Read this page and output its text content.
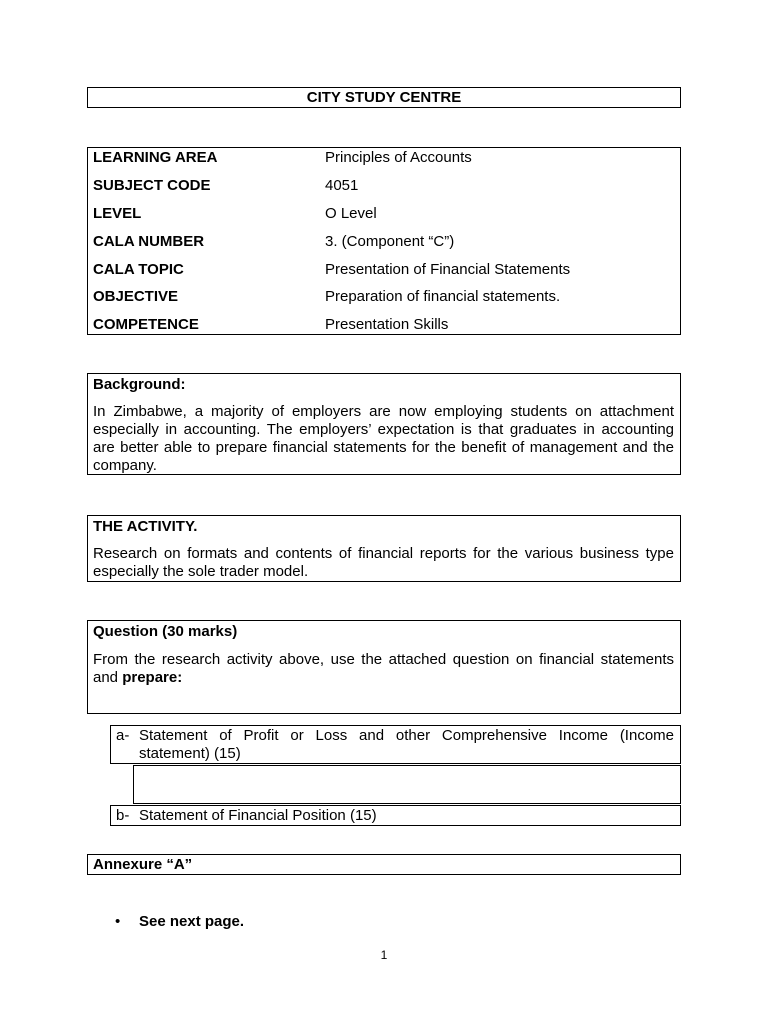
CITY STUDY CENTRE
LEARNING AREA	Principles of Accounts
SUBJECT CODE	4051
LEVEL	O Level
CALA NUMBER	3. (Component “C”)
CALA TOPIC	Presentation of Financial Statements
OBJECTIVE	Preparation of financial statements.
COMPETENCE	Presentation Skills
Background:
In Zimbabwe, a majority of employers are now employing students on attachment especially in accounting. The employers’ expectation is that graduates in accounting are better able to prepare financial statements for the benefit of management and the company.
THE ACTIVITY.
Research on formats and contents of financial reports for the various business type especially the sole trader model.
Question (30 marks)
From the research activity above, use the attached question on financial statements and prepare:
a- Statement of Profit or Loss and other Comprehensive Income (Income statement) (15)
b- Statement of Financial Position (15)
Annexure “A”
• See next page.
1
